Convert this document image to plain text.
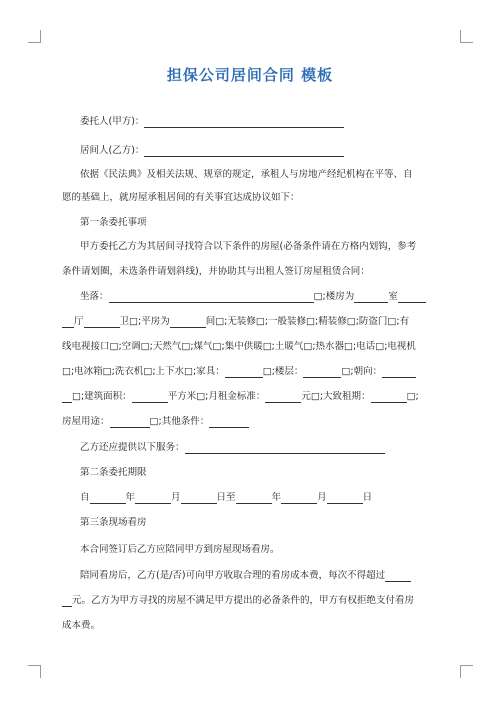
担保公司居间合同 模板
委托人(甲方)：
居间人(乙方)：
依据《民法典》及相关法规、规章的规定，承租人与房地产经纪机构在平等、自
愿的基础上，就房屋承租居间的有关事宜达成协议如下：
第一条委托事项
甲方委托乙方为其居间寻找符合以下条件的房屋(必备条件请在方格内划钩，参考
条件请划圈，未选条件请划斜线)，并协助其与出租人签订房屋租赁合同：
坐落：	□;楼房为	室
厅	卫□;平房为	间□;无装修□;一般装修□;精装修□;防盗门□;有
线电视接口□;空调□;天然气□;煤气□;集中供暖□;土暖气□;热水器□;电话□;电视机
□;电冰箱□;洗衣机□;上下水□;家具：	□;楼层：	□;朝向：
□;建筑面积：	平方米□;月租金标准：	元□;大致租期：	□;
房屋用途：	□;其他条件：
乙方还应提供以下服务：
第二条委托期限
自	年	月	日至	年	月	日
第三条现场看房
本合同签订后乙方应陪同甲方到房屋现场看房。
陪同看房后，乙方(是/否)可向甲方收取合理的看房成本费，每次不得超过
元。乙方为甲方寻找的房屋不满足甲方提出的必备条件的，甲方有权拒绝支付看房
成本费。
